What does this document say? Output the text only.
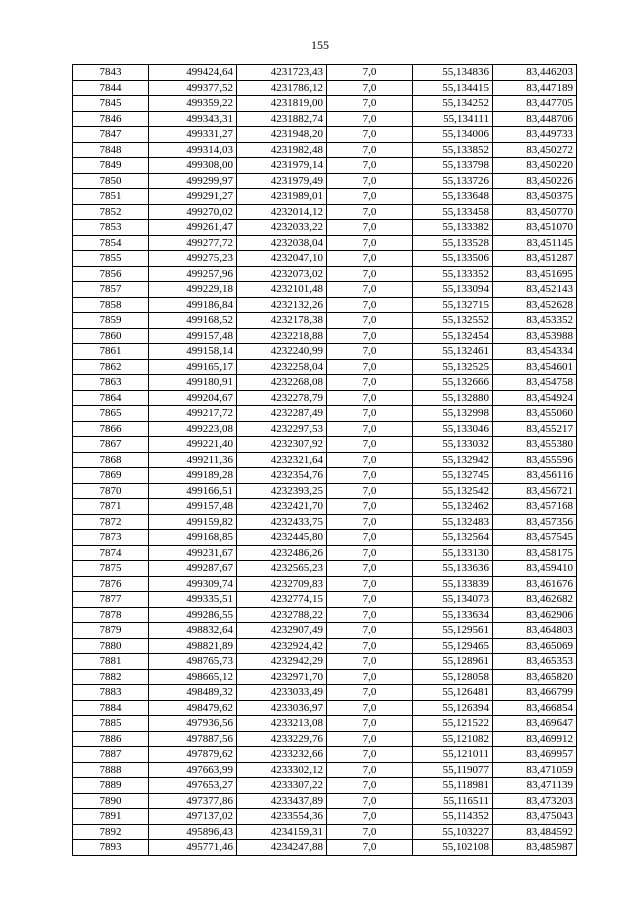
155
7843	499424,64	4231723,43	7,0	55,134836	83,446203
7844	499377,52	4231786,12	7,0	55,134415	83,447189
7845	499359,22	4231819,00	7,0	55,134252	83,447705
7846	499343,31	4231882,74	7,0	55,134111	83,448706
7847	499331,27	4231948,20	7,0	55,134006	83,449733
7848	499314,03	4231982,48	7,0	55,133852	83,450272
7849	499308,00	4231979,14	7,0	55,133798	83,450220
7850	499299,97	4231979,49	7,0	55,133726	83,450226
7851	499291,27	4231989,01	7,0	55,133648	83,450375
7852	499270,02	4232014,12	7,0	55,133458	83,450770
7853	499261,47	4232033,22	7,0	55,133382	83,451070
7854	499277,72	4232038,04	7,0	55,133528	83,451145
7855	499275,23	4232047,10	7,0	55,133506	83,451287
7856	499257,96	4232073,02	7,0	55,133352	83,451695
7857	499229,18	4232101,48	7,0	55,133094	83,452143
7858	499186,84	4232132,26	7,0	55,132715	83,452628
7859	499168,52	4232178,38	7,0	55,132552	83,453352
7860	499157,48	4232218,88	7,0	55,132454	83,453988
7861	499158,14	4232240,99	7,0	55,132461	83,454334
7862	499165,17	4232258,04	7,0	55,132525	83,454601
7863	499180,91	4232268,08	7,0	55,132666	83,454758
7864	499204,67	4232278,79	7,0	55,132880	83,454924
7865	499217,72	4232287,49	7,0	55,132998	83,455060
7866	499223,08	4232297,53	7,0	55,133046	83,455217
7867	499221,40	4232307,92	7,0	55,133032	83,455380
7868	499211,36	4232321,64	7,0	55,132942	83,455596
7869	499189,28	4232354,76	7,0	55,132745	83,456116
7870	499166,51	4232393,25	7,0	55,132542	83,456721
7871	499157,48	4232421,70	7,0	55,132462	83,457168
7872	499159,82	4232433,75	7,0	55,132483	83,457356
7873	499168,85	4232445,80	7,0	55,132564	83,457545
7874	499231,67	4232486,26	7,0	55,133130	83,458175
7875	499287,67	4232565,23	7,0	55,133636	83,459410
7876	499309,74	4232709,83	7,0	55,133839	83,461676
7877	499335,51	4232774,15	7,0	55,134073	83,462682
7878	499286,55	4232788,22	7,0	55,133634	83,462906
7879	498832,64	4232907,49	7,0	55,129561	83,464803
7880	498821,89	4232924,42	7,0	55,129465	83,465069
7881	498765,73	4232942,29	7,0	55,128961	83,465353
7882	498665,12	4232971,70	7,0	55,128058	83,465820
7883	498489,32	4233033,49	7,0	55,126481	83,466799
7884	498479,62	4233036,97	7,0	55,126394	83,466854
7885	497936,56	4233213,08	7,0	55,121522	83,469647
7886	497887,56	4233229,76	7,0	55,121082	83,469912
7887	497879,62	4233232,66	7,0	55,121011	83,469957
7888	497663,99	4233302,12	7,0	55,119077	83,471059
7889	497653,27	4233307,22	7,0	55,118981	83,471139
7890	497377,86	4233437,89	7,0	55,116511	83,473203
7891	497137,02	4233554,36	7,0	55,114352	83,475043
7892	495896,43	4234159,31	7,0	55,103227	83,484592
7893	495771,46	4234247,88	7,0	55,102108	83,485987
